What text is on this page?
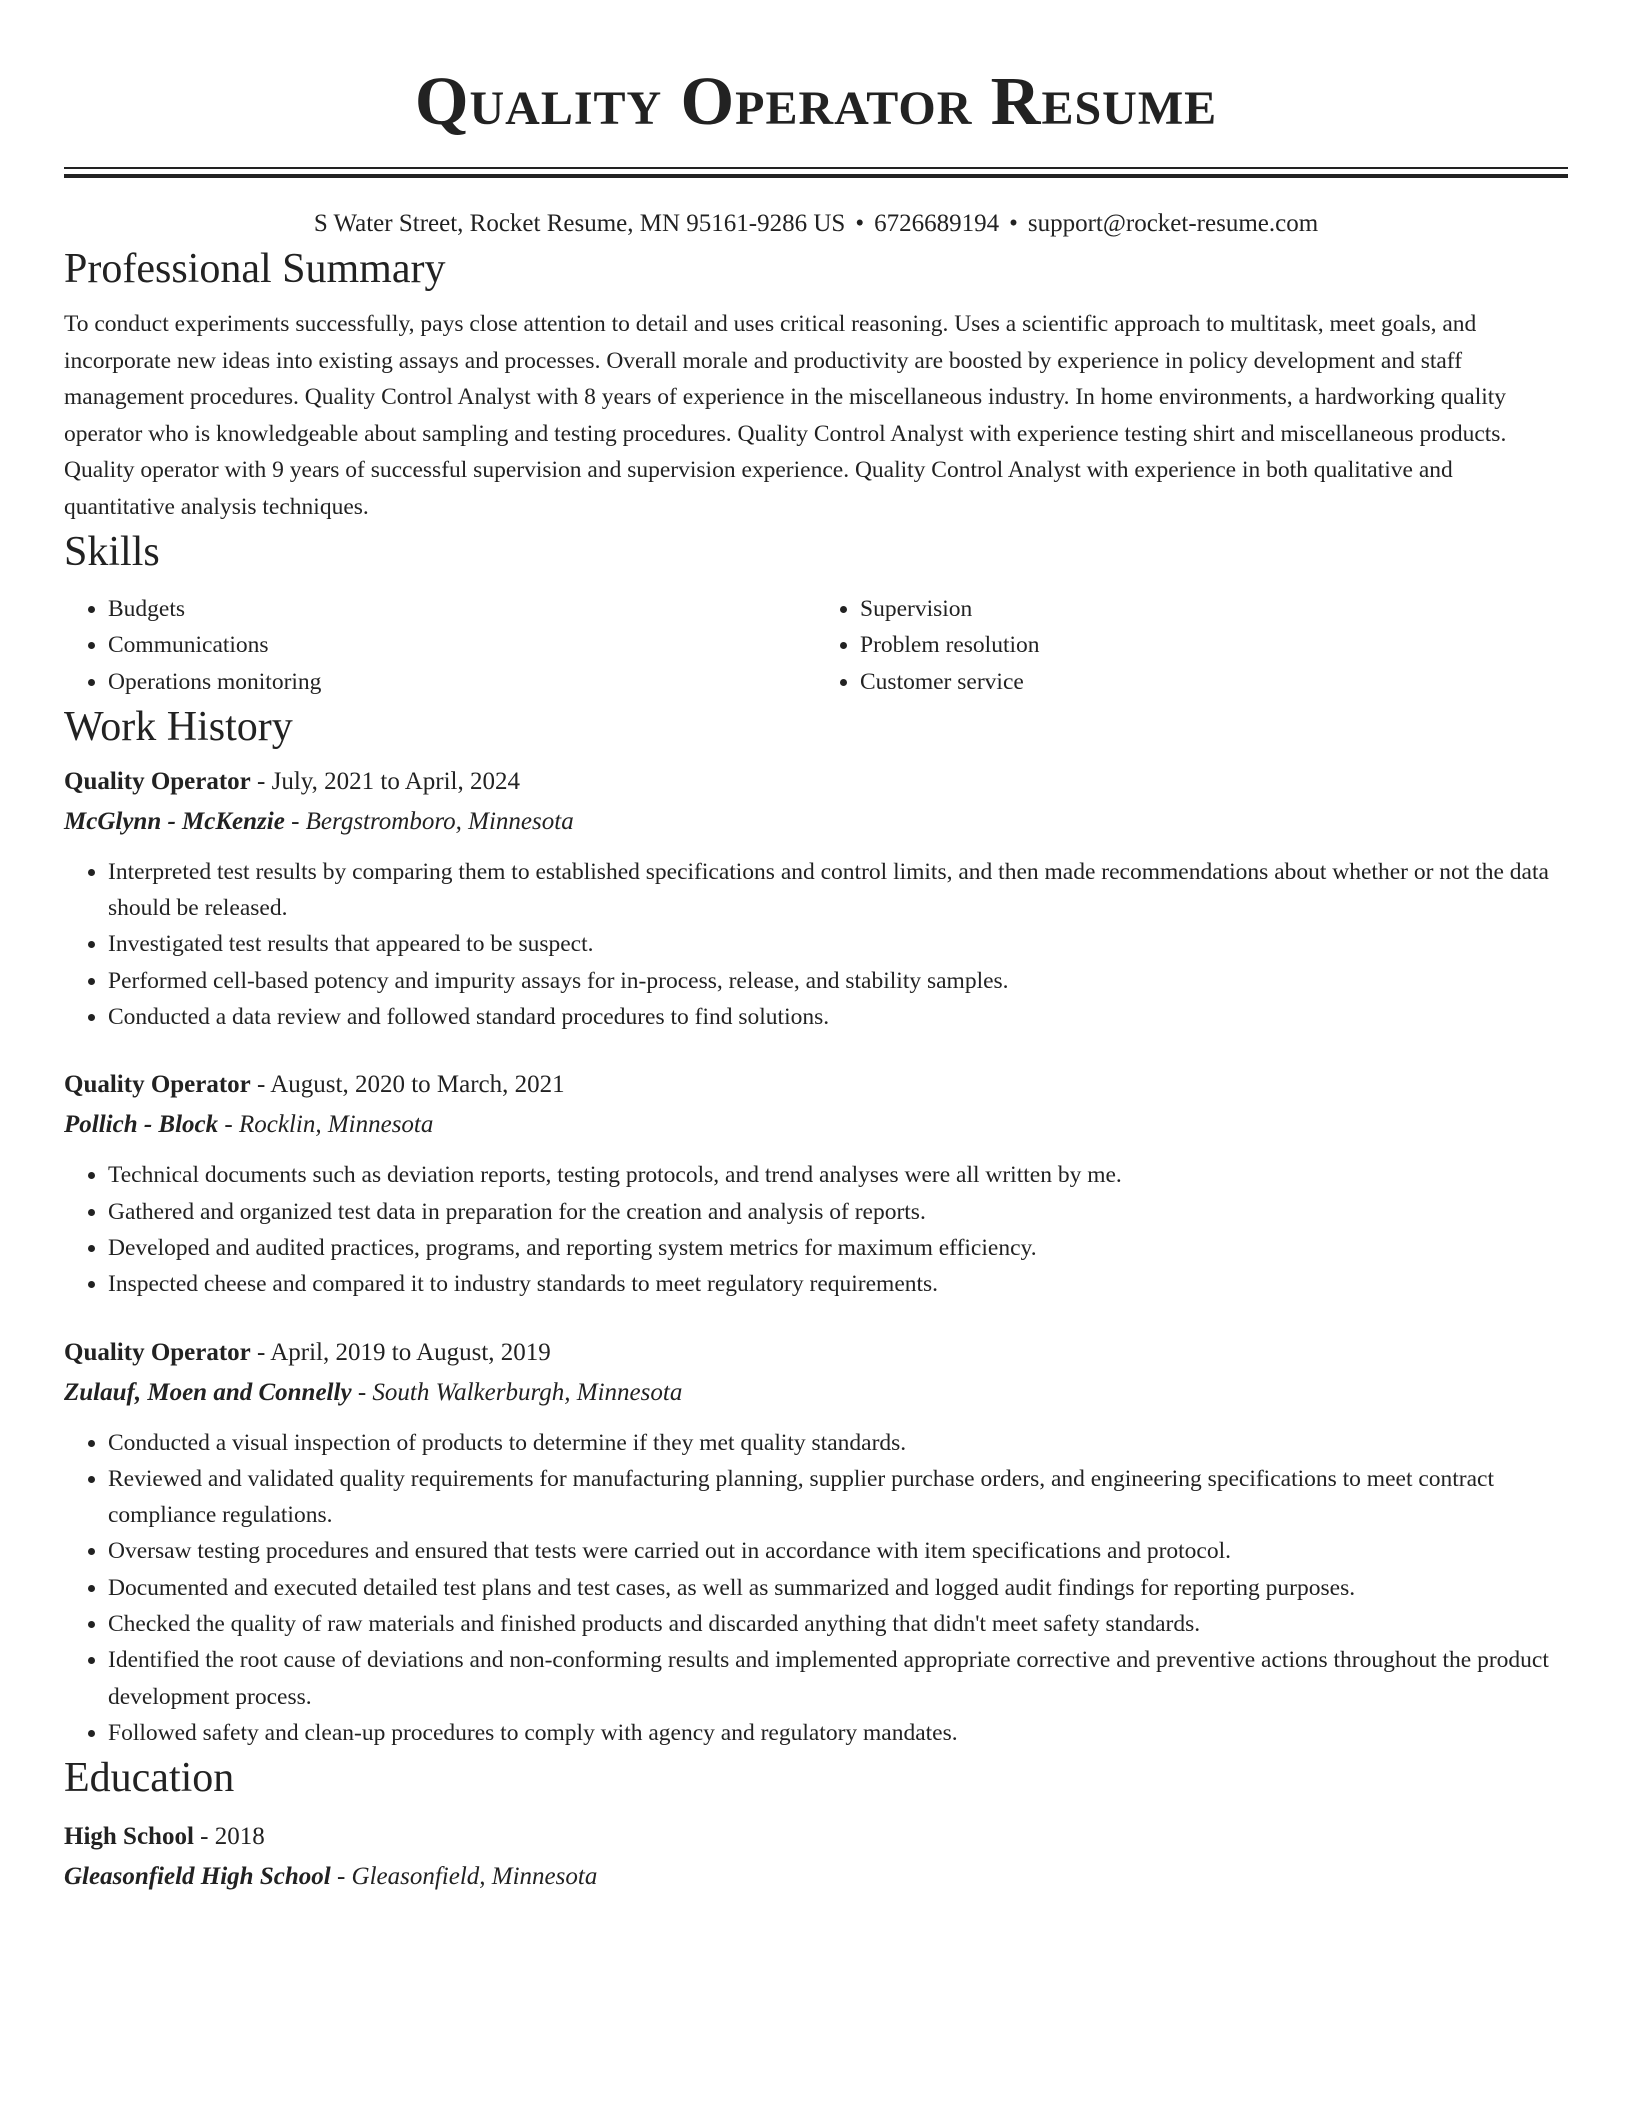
Quality Operator Resume
S Water Street, Rocket Resume, MN 95161-9286 US • 6726689194 • support@rocket-resume.com
Professional Summary

To conduct experiments successfully, pays close attention to detail and uses critical reasoning. Uses a scientific approach to multitask, meet goals, and incorporate new ideas into existing assays and processes. Overall morale and productivity are boosted by experience in policy development and staff management procedures. Quality Control Analyst with 8 years of experience in the miscellaneous industry. In home environments, a hardworking quality operator who is knowledgeable about sampling and testing procedures. Quality Control Analyst with experience testing shirt and miscellaneous products. Quality operator with 9 years of successful supervision and supervision experience. Quality Control Analyst with experience in both qualitative and quantitative analysis techniques.

Skills
• Budgets
• Communications
• Operations monitoring
• Supervision
• Problem resolution
• Customer service
Work History
Quality Operator - July, 2021 to April, 2024
McGlynn - McKenzie - Bergstromboro, Minnesota
• Interpreted test results by comparing them to established specifications and control limits, and then made recommendations about whether or not the data should be released.
• Investigated test results that appeared to be suspect.
• Performed cell-based potency and impurity assays for in-process, release, and stability samples.
• Conducted a data review and followed standard procedures to find solutions.
Quality Operator - August, 2020 to March, 2021
Pollich - Block - Rocklin, Minnesota
• Technical documents such as deviation reports, testing protocols, and trend analyses were all written by me.
• Gathered and organized test data in preparation for the creation and analysis of reports.
• Developed and audited practices, programs, and reporting system metrics for maximum efficiency.
• Inspected cheese and compared it to industry standards to meet regulatory requirements.
Quality Operator - April, 2019 to August, 2019
Zulauf, Moen and Connelly - South Walkerburgh, Minnesota
• Conducted a visual inspection of products to determine if they met quality standards.
• Reviewed and validated quality requirements for manufacturing planning, supplier purchase orders, and engineering specifications to meet contract compliance regulations.
• Oversaw testing procedures and ensured that tests were carried out in accordance with item specifications and protocol.
• Documented and executed detailed test plans and test cases, as well as summarized and logged audit findings for reporting purposes.
• Checked the quality of raw materials and finished products and discarded anything that didn't meet safety standards.
• Identified the root cause of deviations and non-conforming results and implemented appropriate corrective and preventive actions throughout the product development process.
• Followed safety and clean-up procedures to comply with agency and regulatory mandates.
Education
High School - 2018
Gleasonfield High School - Gleasonfield, Minnesota
